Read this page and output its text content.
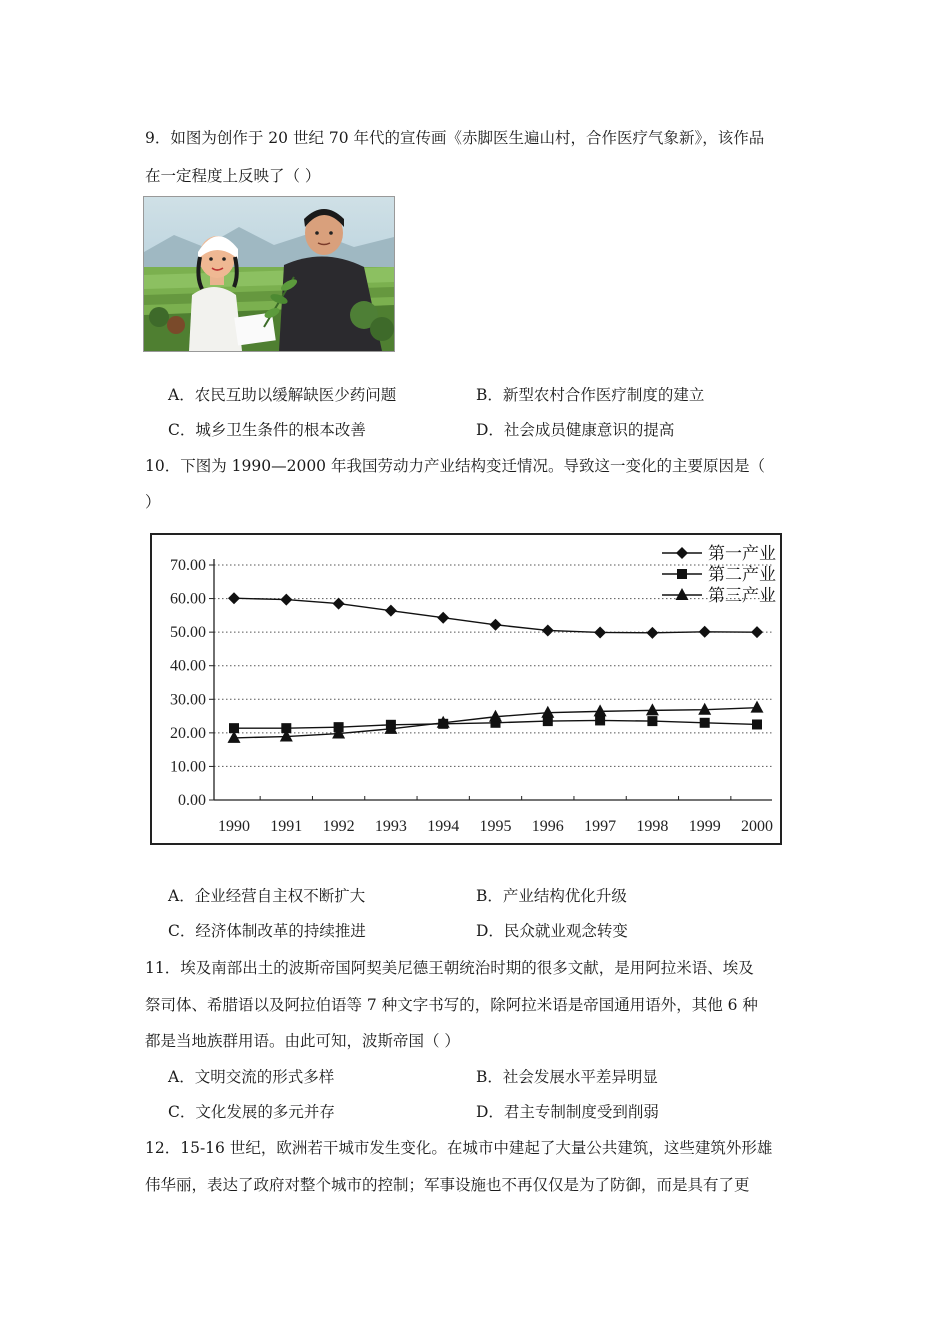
9．如图为创作于 20 世纪 70 年代的宣传画《赤脚医生遍山村，合作医疗气象新》，该作品
在一定程度上反映了（ ）
A．农民互助以缓解缺医少药问题	B．新型农村合作医疗制度的建立
C．城乡卫生条件的根本改善	D．社会成员健康意识的提高
10．下图为 1990—2000 年我国劳动力产业结构变迁情况。导致这一变化的主要原因是（
）
0.00
10.00
20.00
30.00
40.00
50.00
60.00
70.00
1990 1991 1992 1993 1994 1995 1996 1997 1998 1999 2000
第一产业
第二产业
第三产业
A．企业经营自主权不断扩大	B．产业结构优化升级
C．经济体制改革的持续推进	D．民众就业观念转变
11．埃及南部出土的波斯帝国阿契美尼德王朝统治时期的很多文献，是用阿拉米语、埃及
祭司体、希腊语以及阿拉伯语等 7 种文字书写的，除阿拉米语是帝国通用语外，其他 6 种
都是当地族群用语。由此可知，波斯帝国（ ）
A．文明交流的形式多样	B．社会发展水平差异明显
C．文化发展的多元并存	D．君主专制制度受到削弱
12．15-16 世纪，欧洲若干城市发生变化。在城市中建起了大量公共建筑，这些建筑外形雄
伟华丽，表达了政府对整个城市的控制；军事设施也不再仅仅是为了防御，而是具有了更
